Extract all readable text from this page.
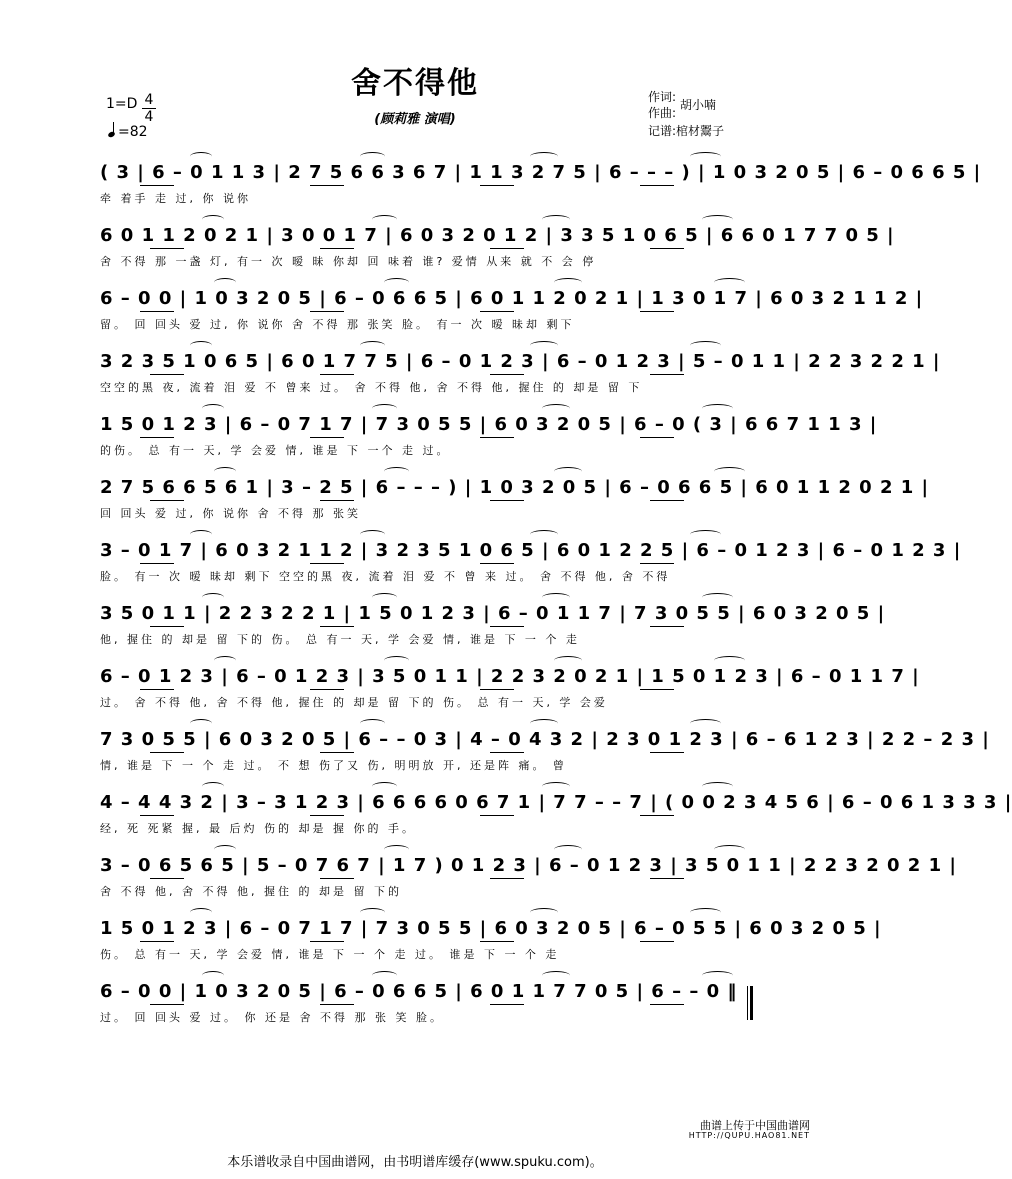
舍不得他
(顾莉雅 演唱)
1=D 4
4
=82
作词:
作曲:
胡小喃
记谱:棺材鬻子
( 3 | 6 – 0 1 1 3 | 2 7 5 6 6 3 6 7 | 1 1 3 2 7 5 | 6 – – – ) | 1 0 3 2 0 5 | 6 – 0 6 6 5 |
牵 着手 走 过, 你 说你
6 0 1 1 2 0 2 1 | 3 0 0 1 7 | 6 0 3 2 0 1 2 | 3 3 5 1 0 6 5 | 6 6 0 1 7 7 0 5 |
舍 不得 那 一盏 灯, 有一 次 暧 昧 你却 回 味着 谁? 爱情 从来 就 不 会 停
6 – 0 0 | 1 0 3 2 0 5 | 6 – 0 6 6 5 | 6 0 1 1 2 0 2 1 | 1 3 0 1 7 | 6 0 3 2 1 1 2 |
留。 回 回头 爱 过, 你 说你 舍 不得 那 张笑 脸。 有一 次 暧 昧却 剩下
3 2 3 5 1 0 6 5 | 6 0 1 7 7 5 | 6 – 0 1 2 3 | 6 – 0 1 2 3 | 5 – 0 1 1 | 2 2 3 2 2 1 |
空空的黑 夜, 流着 泪 爱 不 曾来 过。 舍 不得 他, 舍 不得 他, 握住 的 却是 留 下
1 5 0 1 2 3 | 6 – 0 7 1 7 | 7 3 0 5 5 | 6 0 3 2 0 5 | 6 – 0 ( 3 | 6 6 7 1 1 3 |
的伤。 总 有一 天, 学 会爱 情, 谁是 下 一个 走 过。
2 7 5 6 6 5 6 1 | 3 – 2 5 | 6 – – – ) | 1 0 3 2 0 5 | 6 – 0 6 6 5 | 6 0 1 1 2 0 2 1 |
回 回头 爱 过, 你 说你 舍 不得 那 张笑
3 – 0 1 7 | 6 0 3 2 1 1 2 | 3 2 3 5 1 0 6 5 | 6 0 1 2 2 5 | 6 – 0 1 2 3 | 6 – 0 1 2 3 |
脸。 有一 次 暧 昧却 剩下 空空的黑 夜, 流着 泪 爱 不 曾 来 过。 舍 不得 他, 舍 不得
3 5 0 1 1 | 2 2 3 2 2 1 | 1 5 0 1 2 3 | 6 – 0 1 1 7 | 7 3 0 5 5 | 6 0 3 2 0 5 |
他, 握住 的 却是 留 下的 伤。 总 有一 天, 学 会爱 情, 谁是 下 一 个 走
6 – 0 1 2 3 | 6 – 0 1 2 3 | 3 5 0 1 1 | 2 2 3 2 0 2 1 | 1 5 0 1 2 3 | 6 – 0 1 1 7 |
过。 舍 不得 他, 舍 不得 他, 握住 的 却是 留 下的 伤。 总 有一 天, 学 会爱
7 3 0 5 5 | 6 0 3 2 0 5 | 6 – – 0 3 | 4 – 0 4 3 2 | 2 3 0 1 2 3 | 6 – 6 1 2 3 | 2 2 – 2 3 |
情, 谁是 下 一 个 走 过。 不 想 伤了又 伤, 明明放 开, 还是阵 痛。 曾
4 – 4 4 3 2 | 3 – 3 1 2 3 | 6 6 6 6 0 6 7 1 | 7 7 – – 7 | ( 0 0 2 3 4 5 6 | 6 – 0 6 1 3 3 3 |
经, 死 死紧 握, 最 后灼 伤的 却是 握 你的 手。
3 – 0 6 5 6 5 | 5 – 0 7 6 7 | 1 7 ) 0 1 2 3 | 6 – 0 1 2 3 | 3 5 0 1 1 | 2 2 3 2 0 2 1 |
舍 不得 他, 舍 不得 他, 握住 的 却是 留 下的
1 5 0 1 2 3 | 6 – 0 7 1 7 | 7 3 0 5 5 | 6 0 3 2 0 5 | 6 – 0 5 5 | 6 0 3 2 0 5 |
伤。 总 有一 天, 学 会爱 情, 谁是 下 一 个 走 过。 谁是 下 一 个 走
6 – 0 0 | 1 0 3 2 0 5 | 6 – 0 6 6 5 | 6 0 1 1 7 7 0 5 | 6 – – 0 ‖
过。 回 回头 爱 过。 你 还是 舍 不得 那 张 笑 脸。
曲谱上传于中国曲谱网
HTTP://QUPU.HAO81.NET
本乐谱收录自中国曲谱网，由书明谱库缓存(www.spuku.com)。
